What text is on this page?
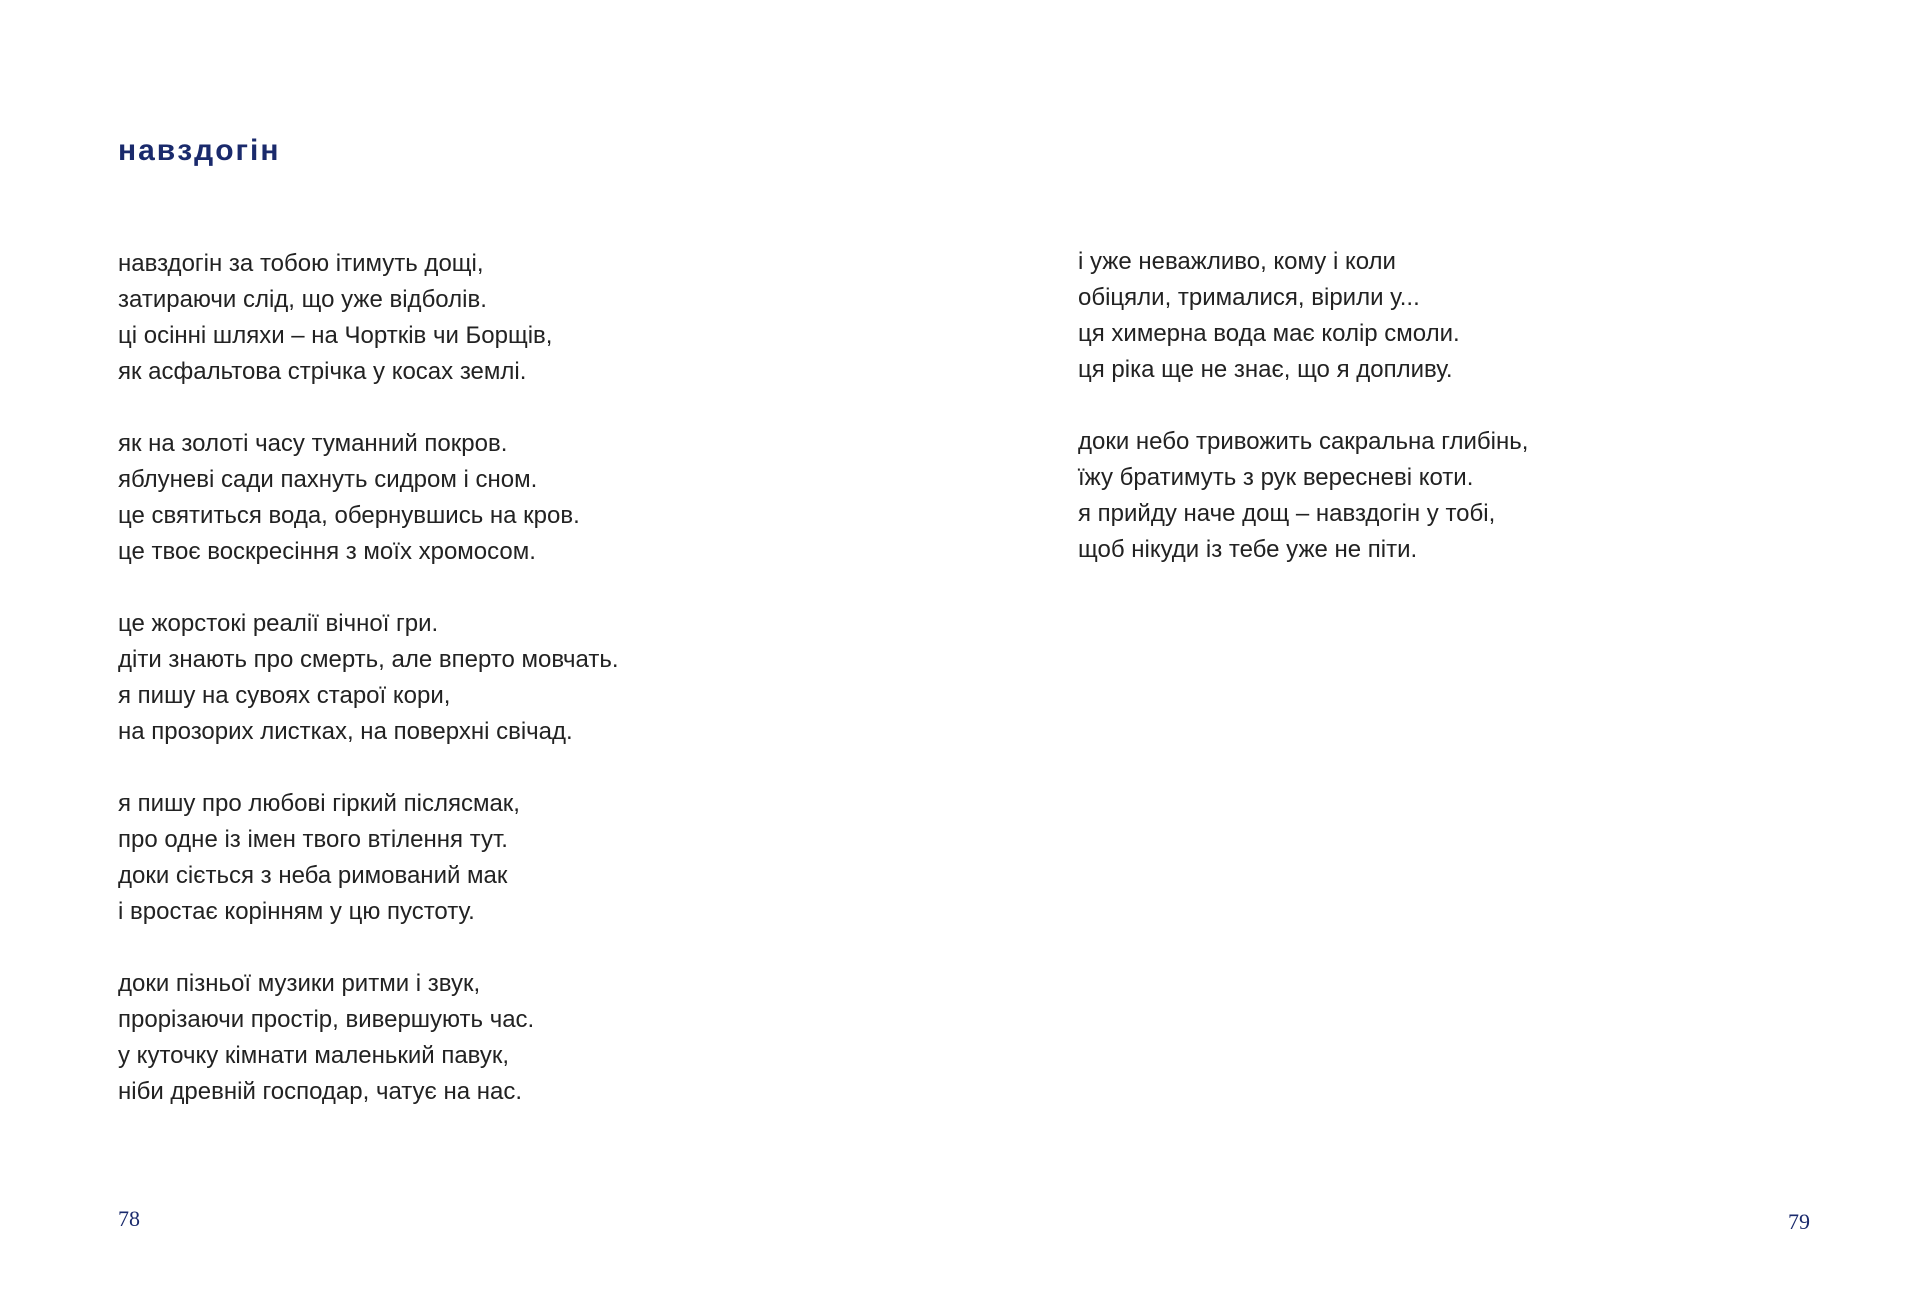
навздогін

навздогін за тобою ітимуть дощі,
затираючи слід, що уже відболів.
ці осінні шляхи – на Чортків чи Борщів,
як асфальтова стрічка у косах землі.

як на золоті часу туманний покров.
яблуневі сади пахнуть сидром і сном.
це святиться вода, обернувшись на кров.
це твоє воскресіння з моїх хромосом.

це жорстокі реалії вічної гри.
діти знають про смерть, але вперто мовчать.
я пишу на сувоях старої кори,
на прозорих листках, на поверхні свічад.

я пишу про любові гіркий післясмак,
про одне із імен твого втілення тут.
доки сіється з неба римований мак
і вростає корінням у цю пустоту.

доки пізньої музики ритми і звук,
прорізаючи простір, вивершують час.
у куточку кімнати маленький павук,
ніби древній господар, чатує на нас.

78

і уже неважливо, кому і коли
обіцяли, трималися, вірили у...
ця химерна вода має колір смоли.
ця ріка ще не знає, що я допливу.

доки небо тривожить сакральна глибінь,
їжу братимуть з рук вересневі коти.
я прийду наче дощ – навздогін у тобі,
щоб нікуди із тебе уже не піти.

79
